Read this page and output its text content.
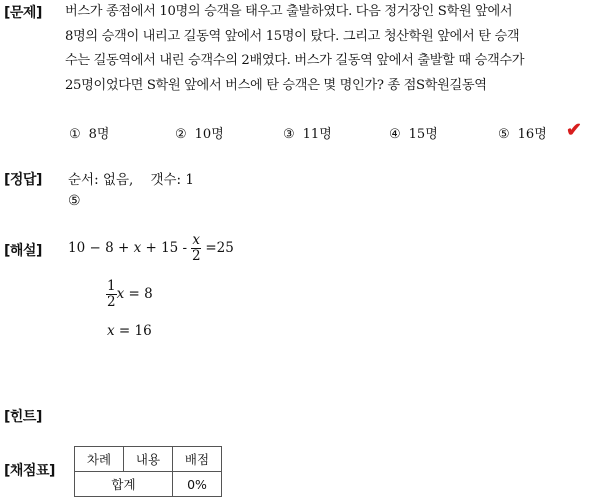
[문제]
[정답]
[해설]
[힌트]
[채점표]
버스가 종점에서 10명의 승객을 태우고 출발하였다. 다음 정거장인 S학원 앞에서
8명의 승객이 내리고 길동역 앞에서 15명이 탔다. 그리고 청산학원 앞에서 탄 승객
수는 길동역에서 내린 승객수의 2배였다. 버스가 길동역 앞에서 출발할 때 승객수가
25명이었다면 S학원 앞에서 버스에 탄 승객은 몇 명인가? 종 점S학원길동역
① 8명	② 10명	③ 11명	④ 15명	⑤ 16명 ✔
순서: 없음, 갯수: 1
⑤
$10 - 8 + x + 15 - \frac{x}{2} =25$
$\frac{1}{2}$ x = 8
x = 16
차례	내용	배점
합계		0%
